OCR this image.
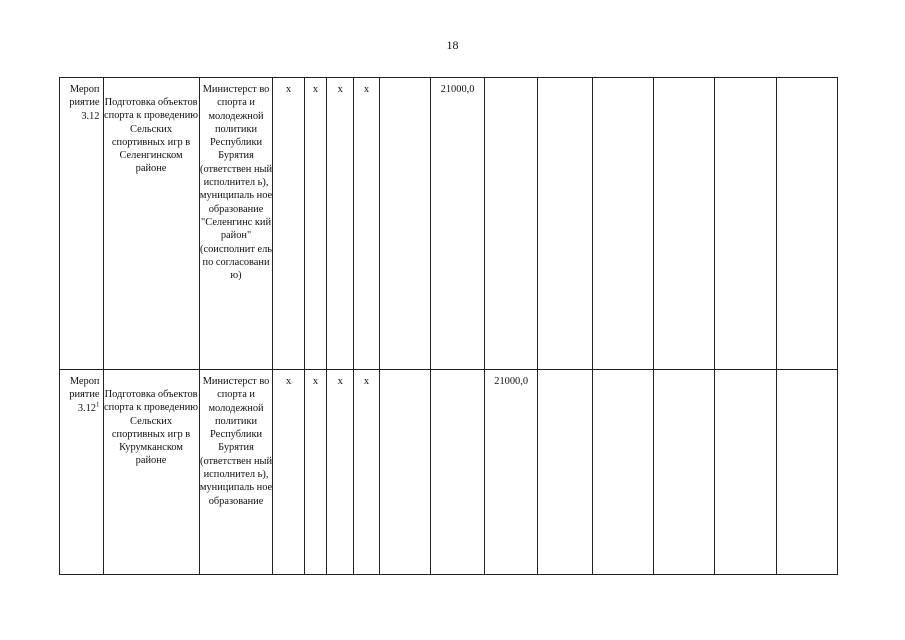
18
Мероп
риятие
3.12	Подготовка объектов спорта к проведению Сельских спортивных игр в Селенгинском районе	Министерст во спорта и молодежной политики Республики Бурятия (ответствен ный исполнител ь), муниципаль ное образование "Селенгинс кий район" (соисполнит ель по согласовани ю)	x	x	x	x		21000,0						

Мероп
риятие
3.12$^1$	Подготовка объектов спорта к проведению Сельских спортивных игр в Курумканском районе	Министерст во спорта и молодежной политики Республики Бурятия (ответствен ный исполнител ь), муниципаль ное образование	x	x	x	x			21000,0					
